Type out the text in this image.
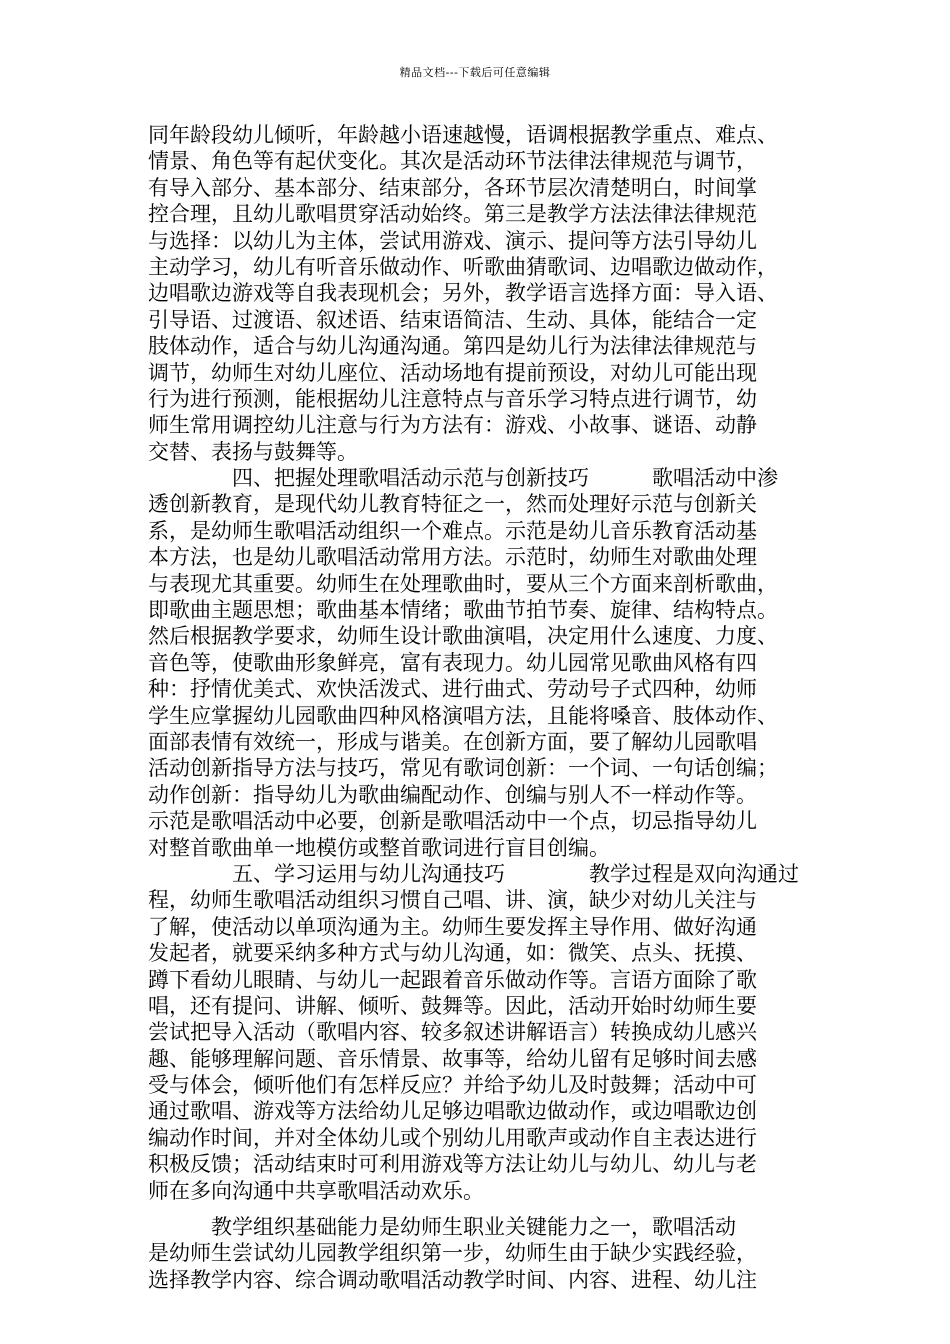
精品文档---下载后可任意编辑
同年龄段幼儿倾听，年龄越小语速越慢，语调根据教学重点、难点、
情景、角色等有起伏变化。其次是活动环节法律法律规范与调节，
有导入部分、基本部分、结束部分，各环节层次清楚明白，时间掌
控合理，且幼儿歌唱贯穿活动始终。第三是教学方法法律法律规范
与选择：以幼儿为主体，尝试用游戏、演示、提问等方法引导幼儿
主动学习，幼儿有听音乐做动作、听歌曲猜歌词、边唱歌边做动作，
边唱歌边游戏等自我表现机会；另外，教学语言选择方面：导入语、
引导语、过渡语、叙述语、结束语简洁、生动、具体，能结合一定
肢体动作，适合与幼儿沟通沟通。第四是幼儿行为法律法律规范与
调节，幼师生对幼儿座位、活动场地有提前预设，对幼儿可能出现
行为进行预测，能根据幼儿注意特点与音乐学习特点进行调节，幼
师生常用调控幼儿注意与行为方法有：游戏、小故事、谜语、动静
交替、表扬与鼓舞等。
　　　　四、把握处理歌唱活动示范与创新技巧　　　歌唱活动中渗
透创新教育，是现代幼儿教育特征之一，然而处理好示范与创新关
系，是幼师生歌唱活动组织一个难点。示范是幼儿音乐教育活动基
本方法，也是幼儿歌唱活动常用方法。示范时，幼师生对歌曲处理
与表现尤其重要。幼师生在处理歌曲时，要从三个方面来剖析歌曲，
即歌曲主题思想；歌曲基本情绪；歌曲节拍节奏、旋律、结构特点。
然后根据教学要求，幼师生设计歌曲演唱，决定用什么速度、力度、
音色等，使歌曲形象鲜亮，富有表现力。幼儿园常见歌曲风格有四
种：抒情优美式、欢快活泼式、进行曲式、劳动号子式四种，幼师
学生应掌握幼儿园歌曲四种风格演唱方法，且能将嗓音、肢体动作、
面部表情有效统一，形成与谐美。在创新方面，要了解幼儿园歌唱
活动创新指导方法与技巧，常见有歌词创新：一个词、一句话创编；
动作创新：指导幼儿为歌曲编配动作、创编与别人不一样动作等。
示范是歌唱活动中必要，创新是歌唱活动中一个点，切忌指导幼儿
对整首歌曲单一地模仿或整首歌词进行盲目创编。
　　　　五、学习运用与幼儿沟通技巧　　　　教学过程是双向沟通过
程，幼师生歌唱活动组织习惯自己唱、讲、演，缺少对幼儿关注与
了解，使活动以单项沟通为主。幼师生要发挥主导作用、做好沟通
发起者，就要采纳多种方式与幼儿沟通，如：微笑、点头、抚摸、
蹲下看幼儿眼睛、与幼儿一起跟着音乐做动作等。言语方面除了歌
唱，还有提问、讲解、倾听、鼓舞等。因此，活动开始时幼师生要
尝试把导入活动（歌唱内容、较多叙述讲解语言）转换成幼儿感兴
趣、能够理解问题、音乐情景、故事等，给幼儿留有足够时间去感
受与体会，倾听他们有怎样反应？并给予幼儿及时鼓舞；活动中可
通过歌唱、游戏等方法给幼儿足够边唱歌边做动作，或边唱歌边创
编动作时间，并对全体幼儿或个别幼儿用歌声或动作自主表达进行
积极反馈；活动结束时可利用游戏等方法让幼儿与幼儿、幼儿与老
师在多向沟通中共享歌唱活动欢乐。
　　　教学组织基础能力是幼师生职业关键能力之一，歌唱活动
是幼师生尝试幼儿园教学组织第一步，幼师生由于缺少实践经验，
选择教学内容、综合调动歌唱活动教学时间、内容、进程、幼儿注
